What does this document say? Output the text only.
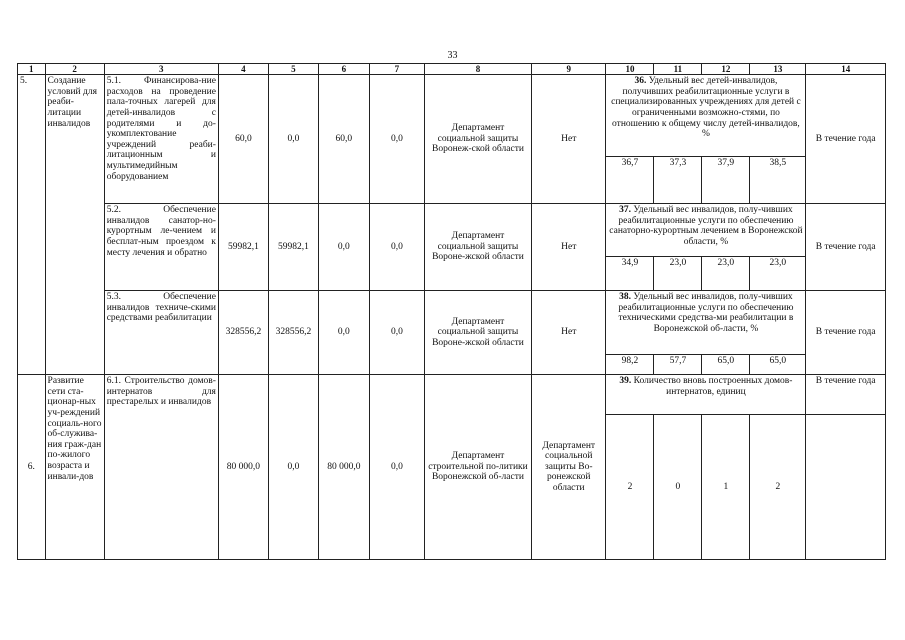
33
1	2	3	4	5	6	7	8	9	10	11	12	13	14
5.	Создание условий для реаби-литации инвалидов	5.1. Финансирова-ние расходов на проведение пала-точных лагерей для детей-инвалидов с родителями и до-укомплектование учреждений реаби-литационным и мультимедийным оборудованием	60,0	0,0	60,0	0,0	Департамент социальной защиты Воронеж-ской области	Нет	36. Удельный вес детей-инвалидов, получивших реабилитационные услуги в специализированных учреждениях для детей с ограниченными возможно-стями, по отношению к общему числу детей-инвалидов, %				В течение года
									36,7	37,3	37,9	38,5	
		5.2. Обеспечение инвалидов санатор-но-курортным ле-чением и бесплат-ным проездом к месту лечения и обратно	59982,1	59982,1	0,0	0,0	Департамент социальной защиты Вороне-жской области	Нет	37. Удельный вес инвалидов, полу-чивших реабилитационные услуги по обеспечению санаторно-курортным лечением в Воронежской области, %				В течение года
									34,9	23,0	23,0	23,0	
		5.3. Обеспечение инвалидов техниче-скими средствами реабилитации	328556,2	328556,2	0,0	0,0	Департамент социальной защиты Вороне-жской области	Нет	38. Удельный вес инвалидов, полу-чивших реабилитационные услуги по обеспечению техническими средства-ми реабилитации в Воронежской об-ласти, %				В течение года
									98,2	57,7	65,0	65,0	
6.	Развитие сети ста-ционар-ных уч-реждений социаль-ного об-служива-ния граж-дан по-жилого возраста и инвали-дов	6.1. Строительство домов-интернатов для престарелых и инвалидов	80 000,0	0,0	80 000,0	0,0	Департамент строительной по-литики Воронежской об-ласти	Департамент социальной защиты Во-ронежской области	39. Количество вновь построенных домов-интернатов, единиц				В течение года
									2	0	1	2	
